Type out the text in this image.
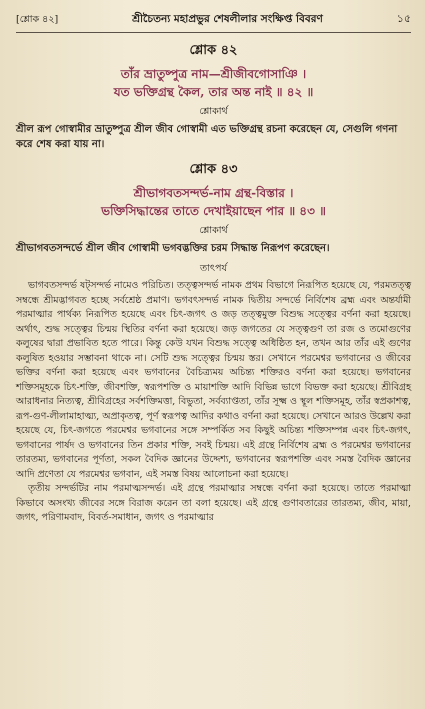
[শ্লোক ৪২]	শ্রীচৈতন্য মহাপ্রভুর শেষলীলার সংক্ষিপ্ত বিবরণ	১৫
শ্লোক ৪২
তাঁর ভ্রাতুষ্পুত্র নাম—শ্রীজীবগোসাঞি ।
যত ভক্তিগ্রন্থ কৈল, তার অন্ত নাই ॥ ৪২ ॥
শ্লোকার্থ
শ্রীল রূপ গোস্বামীর ভ্রাতুষ্পুত্র শ্রীল জীব গোস্বামী এত ভক্তিগ্রন্থ রচনা করেছেন যে, সেগুলি গণনা করে শেষ করা যায় না।
শ্লোক ৪৩
শ্রীভাগবতসন্দর্ভ-নাম গ্রন্থ-বিস্তার ।
ভক্তিসিদ্ধান্তের তাতে দেখাইয়াছেন পার ॥ ৪৩ ॥
শ্লোকার্থ
শ্রীভাগবতসন্দর্ভে শ্রীল জীব গোস্বামী ভগবদ্ভক্তির চরম সিদ্ধান্ত নিরূপণ করেছেন।
তাৎপর্য

ভাগবতসন্দর্ভ ষট্‌সন্দর্ভ নামেও পরিচিত। তত্ত্বসন্দর্ভ নামক প্রথম বিভাগে নিরূপিত হয়েছে যে, পরমতত্ত্ব সম্বন্ধে শ্রীমদ্ভাগবত হচ্ছে সর্বশ্রেষ্ঠ প্রমাণ। ভগবৎসন্দর্ভ নামক দ্বিতীয় সন্দর্ভে নির্বিশেষ ব্রহ্ম এবং অন্তর্যামী পরমাত্মার পার্থক্য নিরূপিত হয়েছে এবং চিৎ-জগৎ ও জড় তত্ত্বমুক্ত বিশুদ্ধ সত্ত্বের বর্ণনা করা হয়েছে। অর্থাৎ, শুদ্ধ সত্ত্বের চিন্ময় স্থিতির বর্ণনা করা হয়েছে। জড় জগতের যে সত্ত্বগুণ তা রজ ও তমোগুণের কলুষের দ্বারা প্রভাবিত হতে পারে। কিন্তু কেউ যখন বিশুদ্ধ সত্ত্বে অধিষ্ঠিত হন, তখন আর তাঁর এই গুণের কলুষিত হওয়ার সম্ভাবনা থাকে না। সেটি শুদ্ধ সত্ত্বের চিন্ময় স্তর। সেখানে পরমেশ্বর ভগবানের ও জীবের ভক্তির বর্ণনা করা হয়েছে এবং ভগবানের বৈচিত্র্যময় অচিন্ত্য শক্তিরও বর্ণনা করা হয়েছে। ভগবানের শক্তিসমূহকে চিৎ-শক্তি, জীবশক্তি, স্বরূপশক্তি ও মায়াশক্তি আদি বিভিন্ন ভাগে বিভক্ত করা হয়েছে। শ্রীবিগ্রহ আরাধনার নিত্যত্ব, শ্রীবিগ্রহের সর্বশক্তিমত্তা, বিভুতা, সর্বব্যাপ্ততা, তাঁর সূক্ষ্ম ও স্থূল শক্তিসমূহ, তাঁর স্বপ্রকাশত্ব, রূপ-গুণ-লীলামাহাত্ম্য, অপ্রাকৃতত্ব, পূর্ণ স্বরূপত্ব আদির কথাও বর্ণনা করা হয়েছে। সেখানে আরও উল্লেখ করা হয়েছে যে, চিৎ-জগতে পরমেশ্বর ভগবানের সঙ্গে সম্পর্কিত সব কিছুই অচিন্ত্য শক্তিসম্পন্ন এবং চিৎ-জগৎ, ভগবানের পার্ষদ ও ভগবানের তিন প্রকার শক্তি, সবই চিন্ময়। এই গ্রন্থে নির্বিশেষ ব্রহ্ম ও পরমেশ্বর ভগবানের তারতম্য, ভগবানের পূর্ণতা, সকল বৈদিক জ্ঞানের উদ্দেশ্য, ভগবানের স্বরূপশক্তি এবং সমস্ত বৈদিক জ্ঞানের আদি প্রণেতা যে পরমেশ্বর ভগবান, এই সমস্ত বিষয় আলোচনা করা হয়েছে।

তৃতীয় সন্দর্ভটির নাম পরমাত্মসন্দর্ভ। এই গ্রন্থে পরমাত্মার সম্বন্ধে বর্ণনা করা হয়েছে। তাতে পরমাত্মা কিভাবে অসংখ্য জীবের সঙ্গে বিরাজ করেন তা বলা হয়েছে। এই গ্রন্থে গুণাবতারের তারতম্য, জীব, মায়া, জগৎ, পরিণামবাদ, বিবর্ত-সমাধান, জগৎ ও পরমাত্মার
